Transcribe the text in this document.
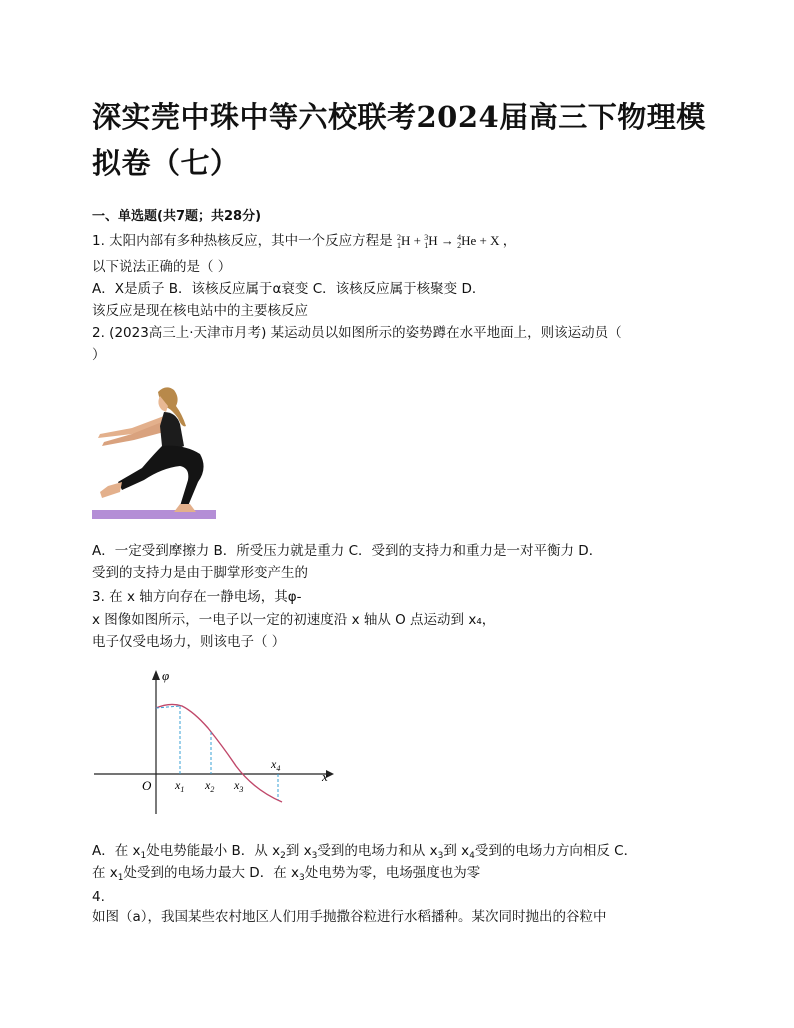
深实莞中珠中等六校联考2024届高三下物理模拟卷（七）
一、单选题(共7题；共28分)
1. 太阳内部有多种热核反应，其中一个反应方程是 2
1H + 3
1H → 4
2He + X ，
以下说法正确的是（ ）
A．X是质子 B．该核反应属于α衰变 C．该核反应属于核聚变 D．
该反应是现在核电站中的主要核反应
2. (2023高三上·天津市月考) 某运动员以如图所示的姿势蹲在水平地面上，则该运动员（
）
A．一定受到摩擦力 B．所受压力就是重力 C．受到的支持力和重力是一对平衡力 D．
受到的支持力是由于脚掌形变产生的
3. 在 x 轴方向存在一静电场，其φ-
x 图像如图所示，一电子以一定的初速度沿 x 轴从 O 点运动到 x₄，
电子仅受电场力，则该电子（ ）
φ
x
O $x_1$ $x_2$ $x_3$
$x_4$
A．在 $x_1$处电势能最小 B．从 $x_2$到 $x_3$受到的电场力和从 $x_3$到 $x_4$受到的电场力方向相反 C．
在 $x_1$处受到的电场力最大 D．在 $x_3$处电势为零，电场强度也为零
4.
如图（a），我国某些农村地区人们用手抛撒谷粒进行水稻播种。某次同时抛出的谷粒中
